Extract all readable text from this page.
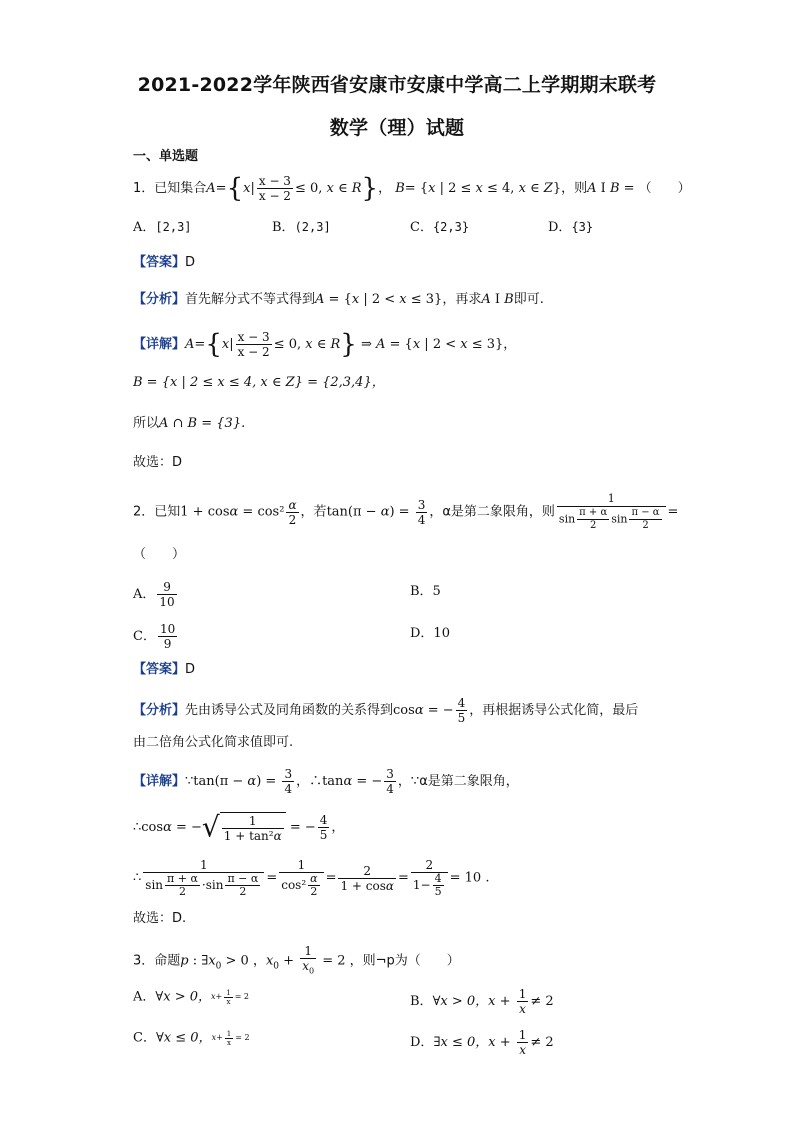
2021-2022学年陕西省安康市安康中学高二上学期期末联考
数学（理）试题
一、单选题
1．已知集合$A=\{x| \frac{x - 3}{x - 2} \le 0$, x ∈ R}， B= {x | 2 ≤ x ≤ 4, x ∈ Z}，则A I B = （　　）
A．[2,3]	B．(2,3]	C．{2,3}	D．{3}
【答案】D
【分析】首先解分式不等式得到A = {x | 2 < x ≤ 3}，再求A I B即可.
【详解】$A=\{x| \frac{x - 3}{x - 2} \le 0$, x ∈ R} ⇒ A = {x | 2 < x ≤ 3}，
B = {x | 2 ≤ x ≤ 4, x ∈ Z} = {2,3,4}，
所以A ∩ B = {3}.
故选：D
2．已知$1 + \cos\alpha = \cos^2 \frac{\alpha}{2}$ ，若$\tan(\pi - \alpha) = \frac{3}{4}$ ，α是第二象限角，则 $\frac{1}{\sin \frac{\pi + \alpha}{2} \sin \frac{\pi - \alpha}{2}}$ =
（　　）
A． $\frac{9}{10}$	B．5
C． $\frac{10}{9}$	D．10
【答案】D
【分析】先由诱导公式及同角函数的关系得到cosα = − $\frac{4}{5}$ ，再根据诱导公式化简，最后
由二倍角公式化简求值即可.
【详解】∵tan(π − $\alpha) = \frac{3}{4}$ ，∴tanα = − $\frac{3}{4}$ ，∵α是第二象限角，
∴cosα = −√ $\frac{1}{\text{1 + tan²α}}$ = − $\frac{4}{5}$ ，
∴ $\frac{1}{\sin \frac{\pi + \alpha}{2} \cdot\sin \frac{\pi - \alpha}{2}} = \frac{1}{\cos^2 \frac{\alpha}{2}} = \frac{2}{1 + \cos\alpha} = \frac{2}{1- \frac{4}{5}} = 10$ .
故选：D.
3．命题p : $\exists x_0 > 0$ ，$x_0 + \frac{1}{x_0} = 2$ ，则¬p为（　　）
A．∀x > 0，$x+ \frac{1}{x} = 2$	B．∀x > 0，$x + \frac{1}{x} \ne 2$
C．∀x ≤ 0，$x+ \frac{1}{x} = 2$	D．∃x ≤ 0，$x + \frac{1}{x} \ne 2$
